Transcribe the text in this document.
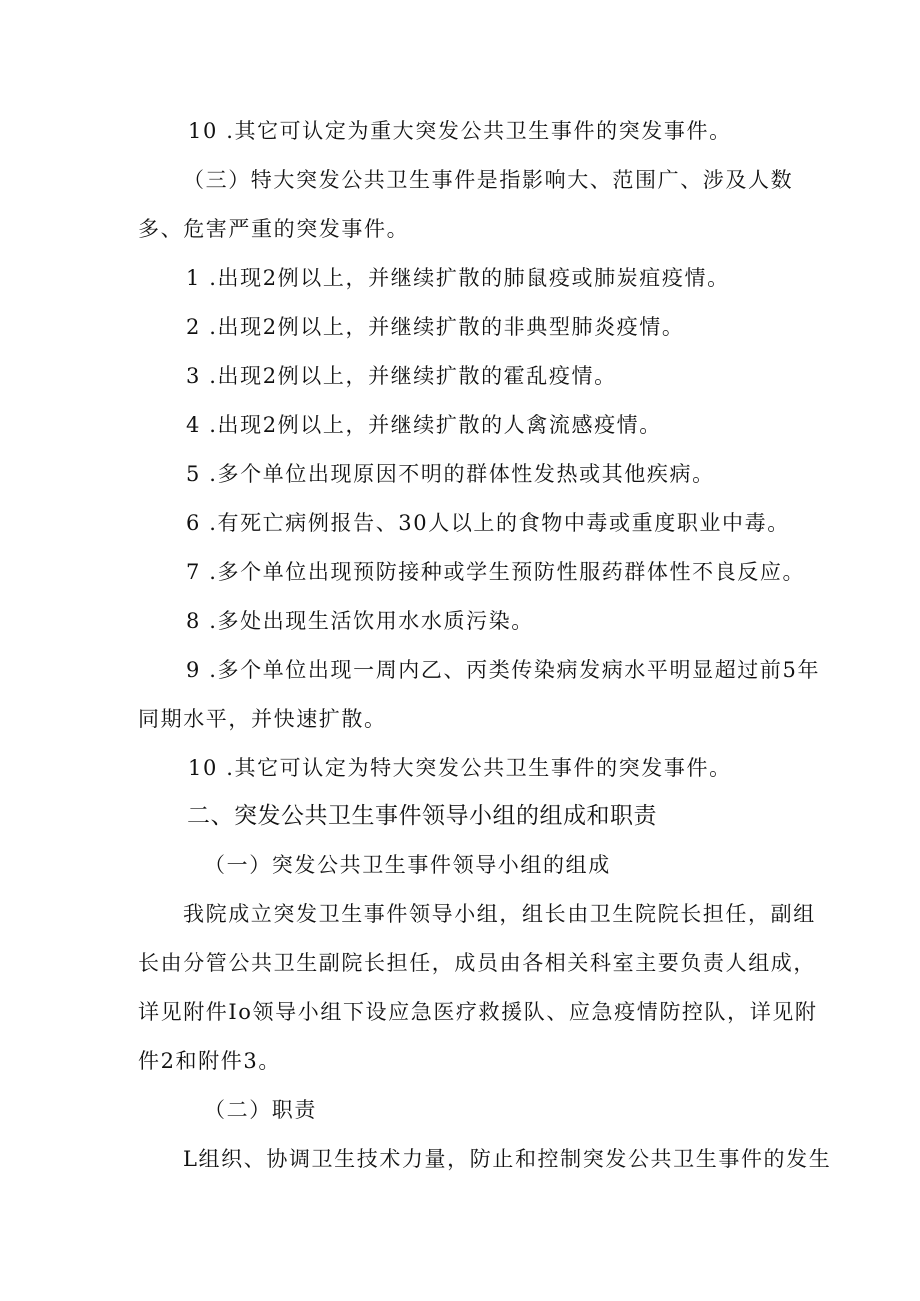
10 .其它可认定为重大突发公共卫生事件的突发事件。
（三）特大突发公共卫生事件是指影响大、范围广、涉及人数
多、危害严重的突发事件。
1 .出现2例以上，并继续扩散的肺鼠疫或肺炭疽疫情。
2 .出现2例以上，并继续扩散的非典型肺炎疫情。
3 .出现2例以上，并继续扩散的霍乱疫情。
4 .出现2例以上，并继续扩散的人禽流感疫情。
5 .多个单位出现原因不明的群体性发热或其他疾病。
6 .有死亡病例报告、30人以上的食物中毒或重度职业中毒。
7 .多个单位出现预防接种或学生预防性服药群体性不良反应。
8 .多处出现生活饮用水水质污染。
9 .多个单位出现一周内乙、丙类传染病发病水平明显超过前5年
同期水平，并快速扩散。
10 .其它可认定为特大突发公共卫生事件的突发事件。
二、突发公共卫生事件领导小组的组成和职责
（一）突发公共卫生事件领导小组的组成
我院成立突发卫生事件领导小组，组长由卫生院院长担任，副组
长由分管公共卫生副院长担任，成员由各相关科室主要负责人组成，
详见附件Io领导小组下设应急医疗救援队、应急疫情防控队，详见附
件2和附件3。
（二）职责
L组织、协调卫生技术力量，防止和控制突发公共卫生事件的发生
